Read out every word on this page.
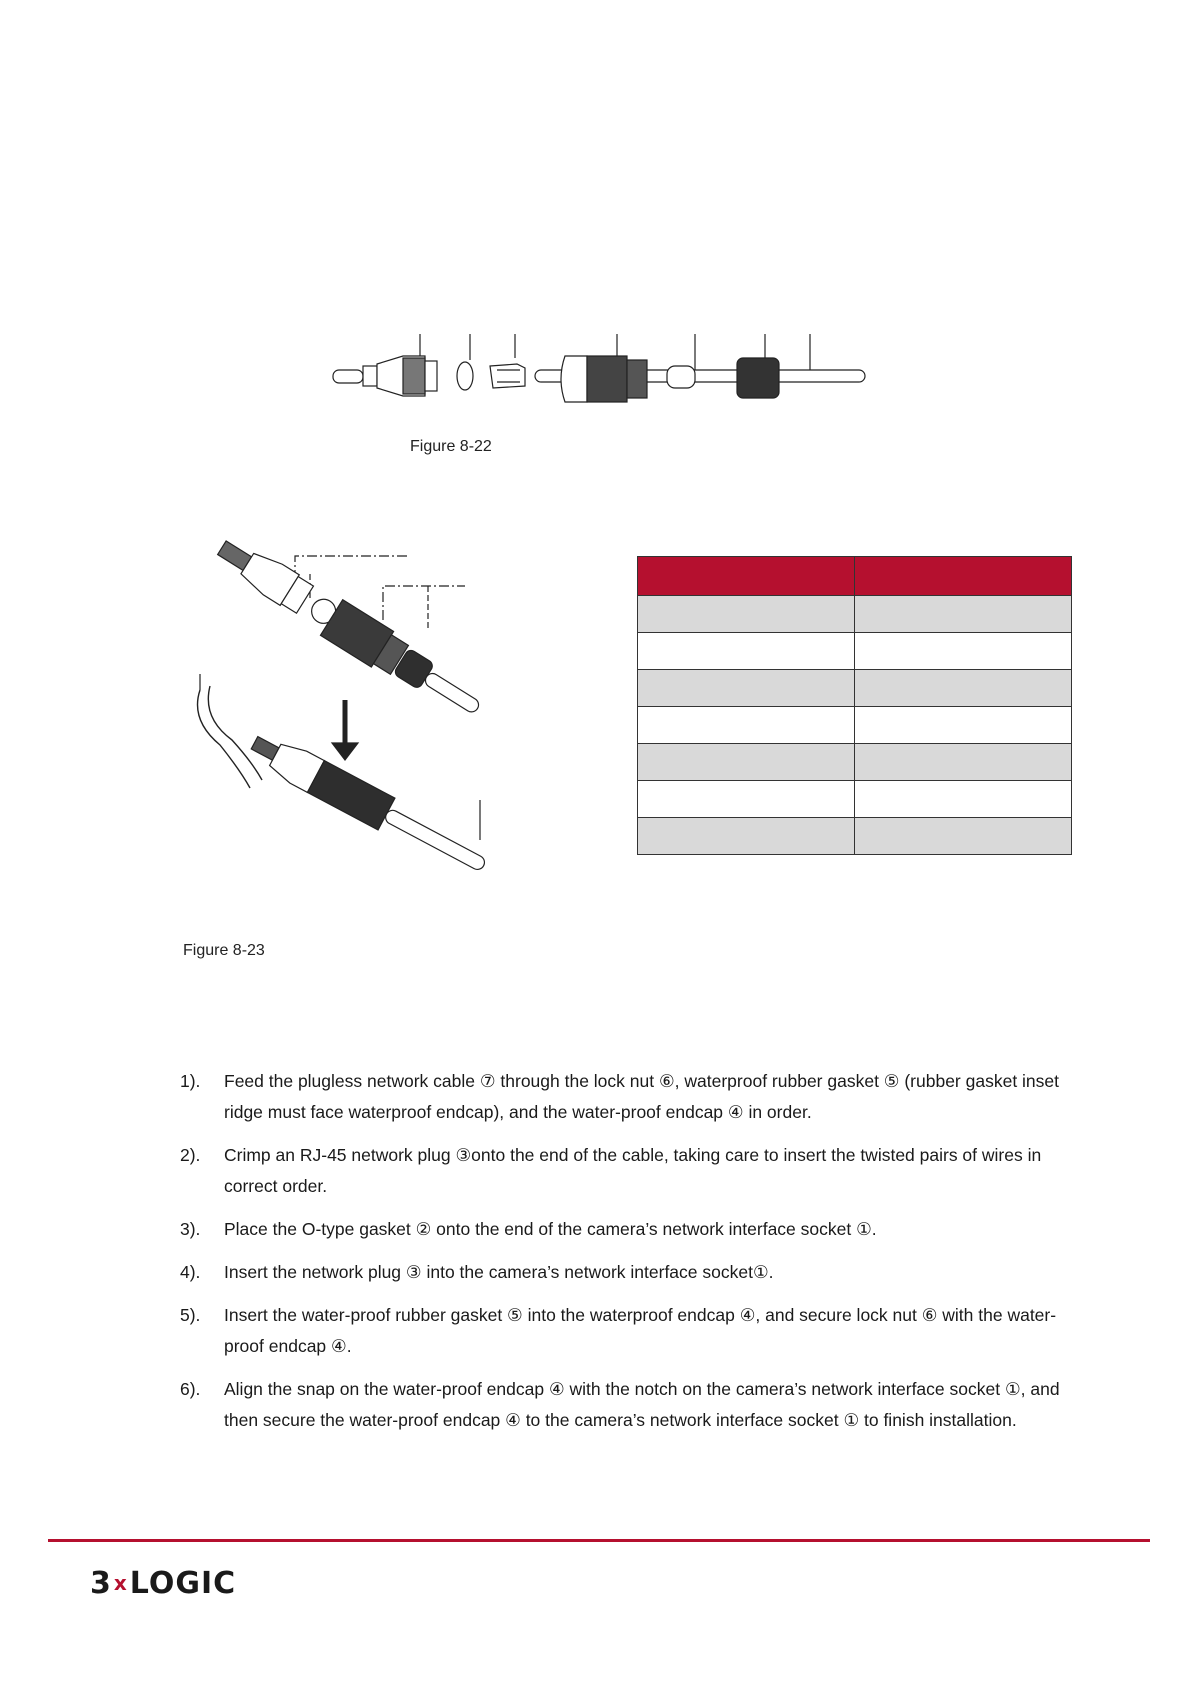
Figure 8-22
Figure 8-23

1). Feed the plugless network cable ⑦ through the lock nut ⑥, waterproof rubber gasket ⑤ (rubber gasket inset ridge must face waterproof endcap), and the water-proof endcap ④ in order.
2). Crimp an RJ-45 network plug ③onto the end of the cable, taking care to insert the twisted pairs of wires in correct order.
3). Place the O-type gasket ② onto the end of the camera’s network interface socket ①.
4). Insert the network plug ③ into the camera’s network interface socket①.
5). Insert the water-proof rubber gasket ⑤ into the waterproof endcap ④, and secure lock nut ⑥ with the water-proof endcap ④.
6). Align the snap on the water-proof endcap ④ with the notch on the camera’s network interface socket ①, and then secure the water-proof endcap ④ to the camera’s network interface socket ① to finish installation.
3 xLOGIC
